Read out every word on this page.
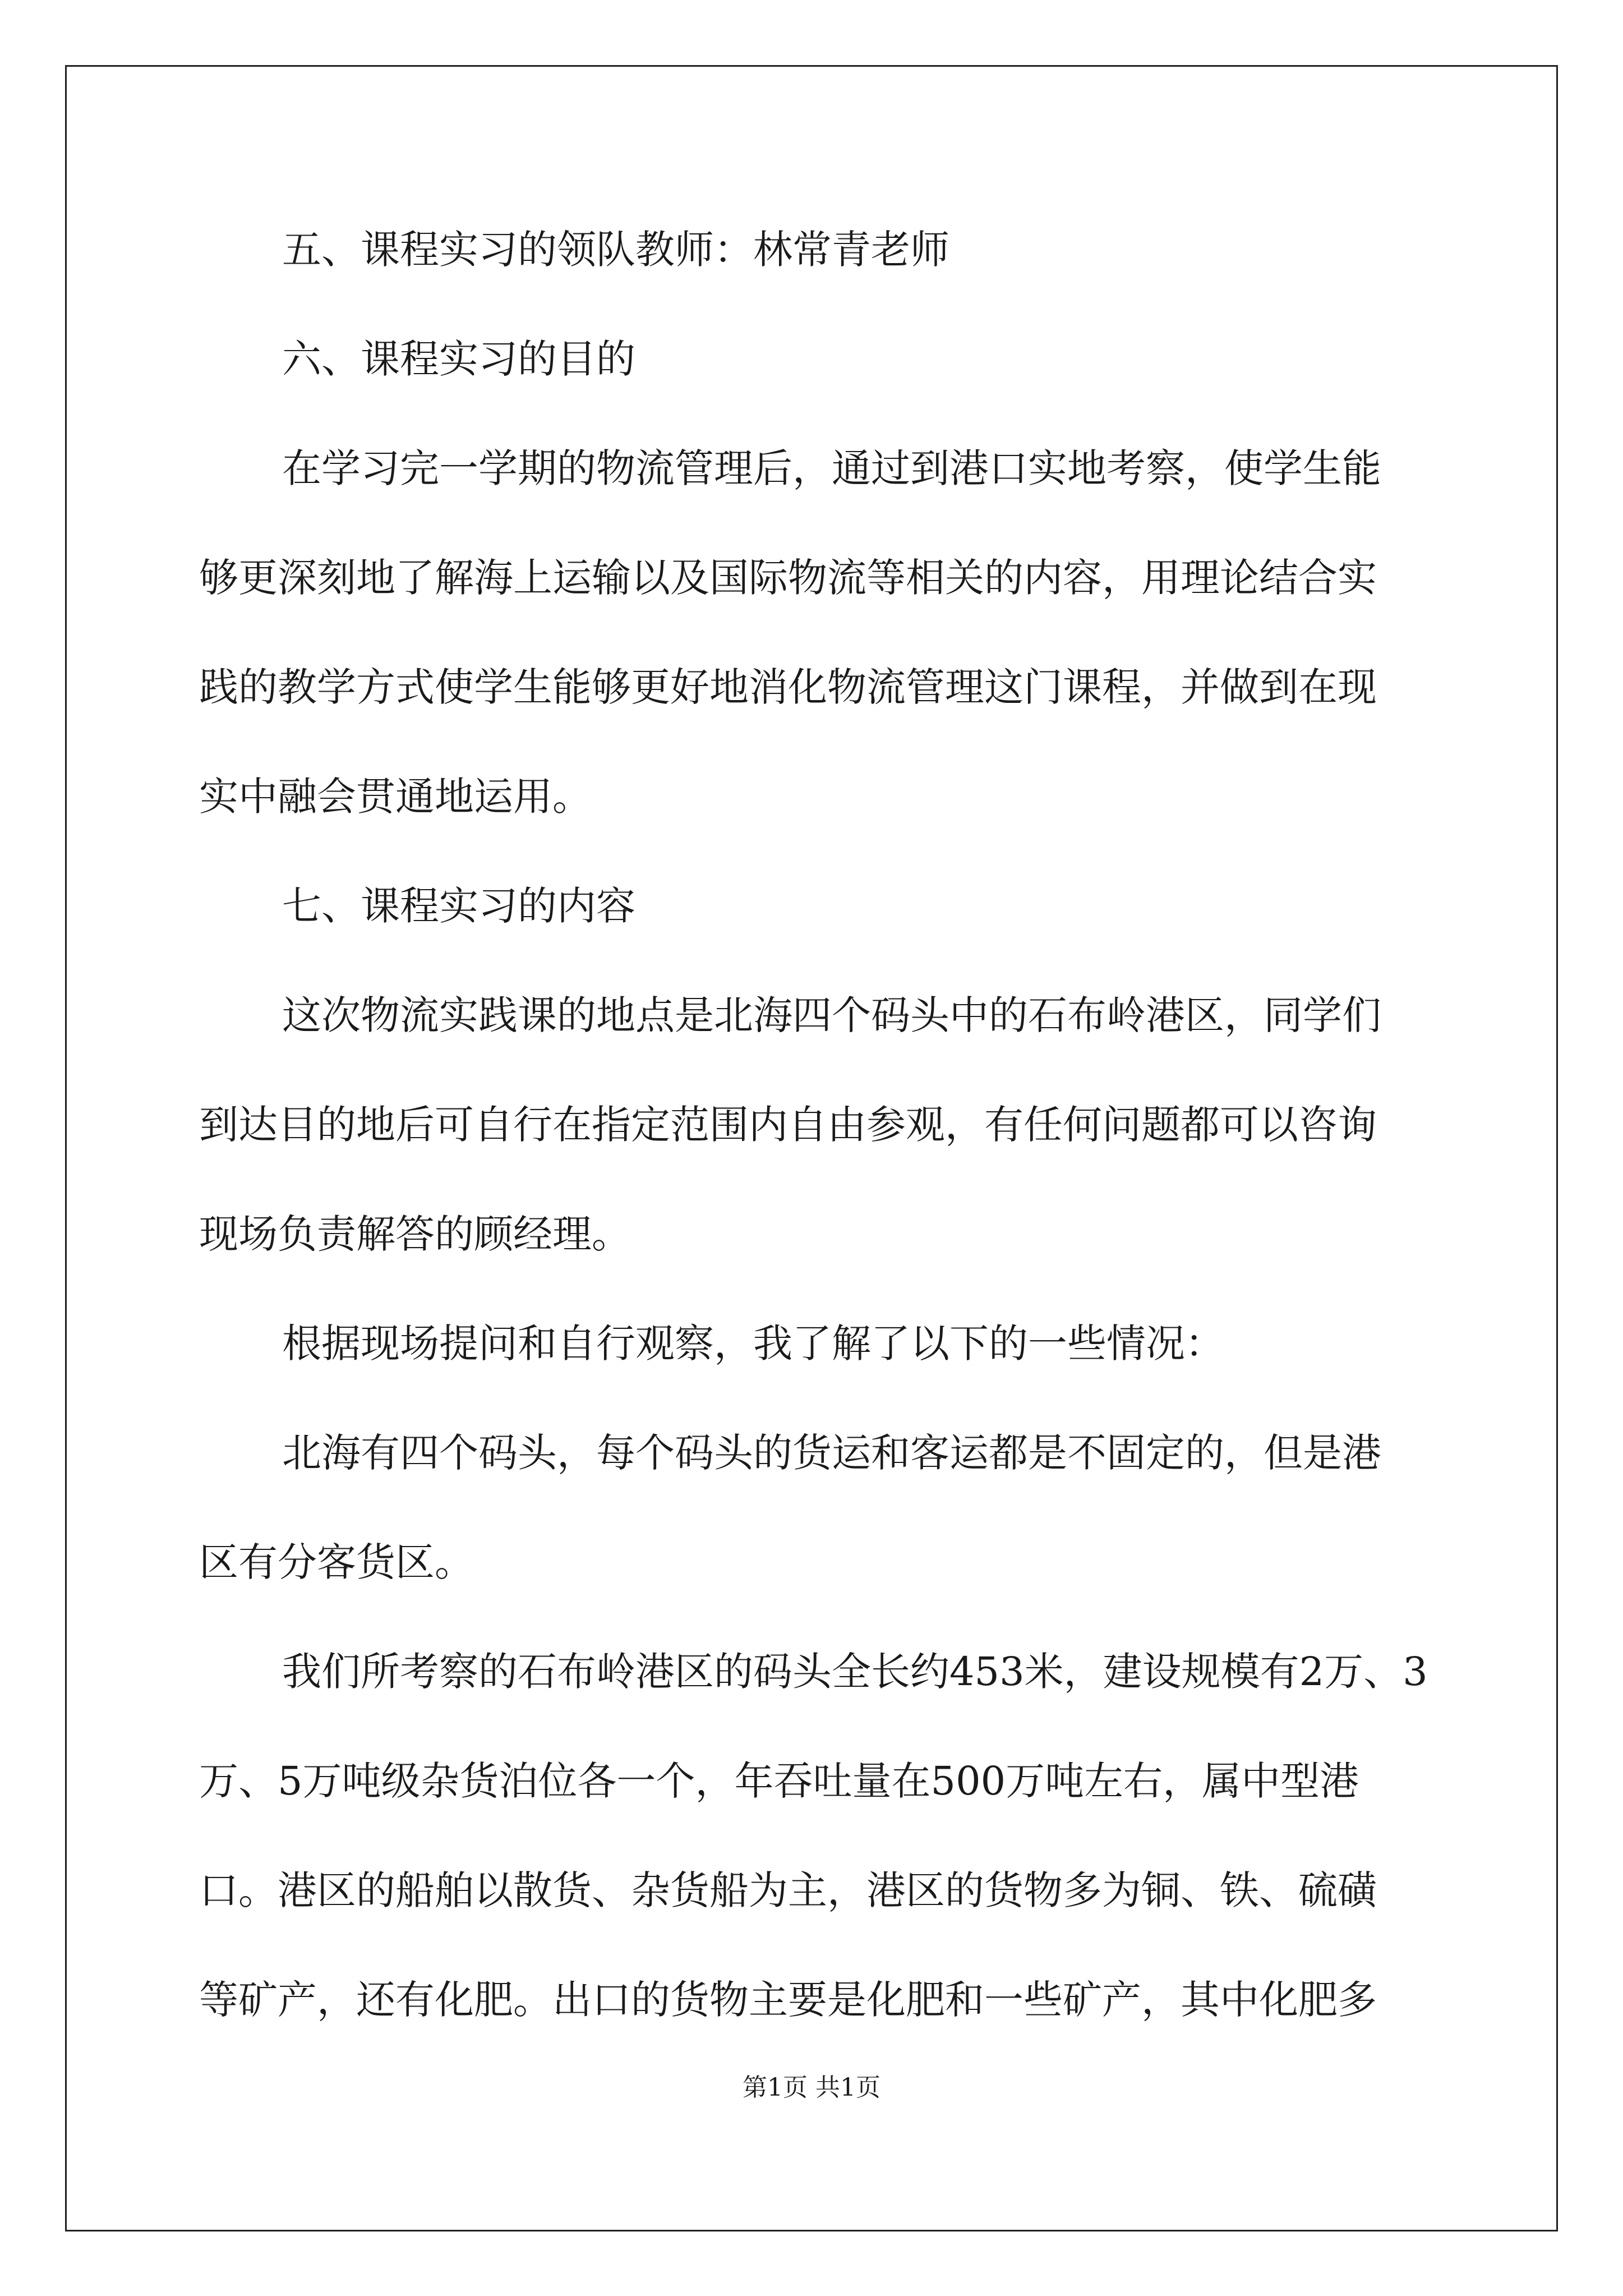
五、课程实习的领队教师：林常青老师
六、课程实习的目的
在学习完一学期的物流管理后，通过到港口实地考察，使学生能
够更深刻地了解海上运输以及国际物流等相关的内容，用理论结合实
践的教学方式使学生能够更好地消化物流管理这门课程，并做到在现
实中融会贯通地运用。
七、课程实习的内容
这次物流实践课的地点是北海四个码头中的石布岭港区，同学们
到达目的地后可自行在指定范围内自由参观，有任何问题都可以咨询
现场负责解答的顾经理。
根据现场提问和自行观察，我了解了以下的一些情况：
北海有四个码头，每个码头的货运和客运都是不固定的，但是港
区有分客货区。
我们所考察的石布岭港区的码头全长约453米，建设规模有2万、3
万、5万吨级杂货泊位各一个，年吞吐量在500万吨左右，属中型港
口。港区的船舶以散货、杂货船为主，港区的货物多为铜、铁、硫磺
等矿产，还有化肥。出口的货物主要是化肥和一些矿产，其中化肥多
第1页 共1页
